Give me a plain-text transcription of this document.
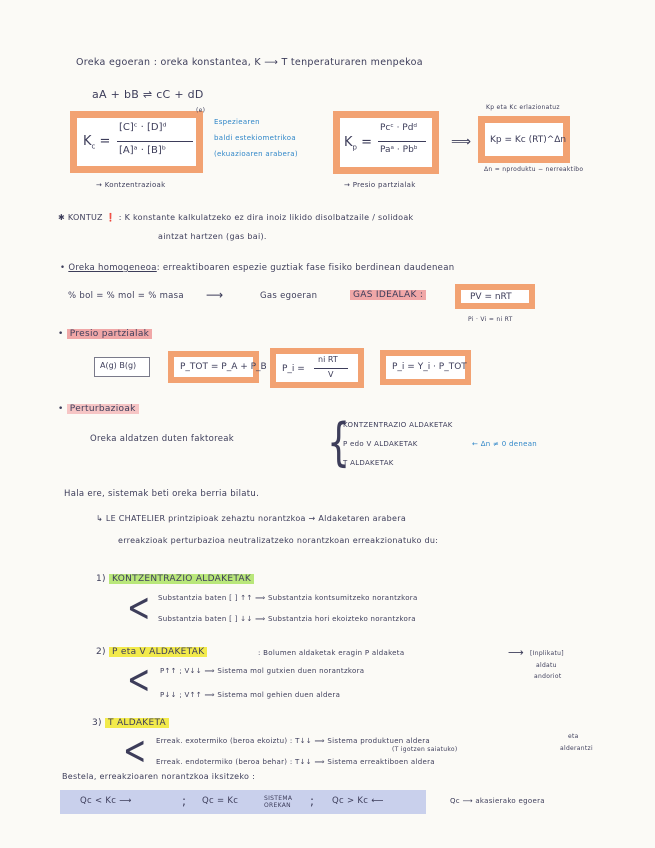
Oreka egoeran : oreka konstantea, K ⟶ T tenperaturaren menpekoa
aA + bB ⇌ cC + dD
$K_c$ =
[C]ᶜ · [D]ᵈ
[A]ᵃ · [B]ᵇ
(e)
Espeziearen
baldi estekiometrikoa
(ekuazioaren arabera)
→ Kontzentrazioak
$K_p$ =
Pcᶜ · Pdᵈ
Paᵃ · Pbᵇ
→ Presio partzialak
⟹
Kp eta Kc erlazionatuz
Kp = Kc (RT)^Δn
Δn = nproduktu − nerreaktibo
✱ KONTUZ ❗ : K konstante kalkulatzeko ez dira inoiz likido disolbatzaile / solidoak
aintzat hartzen (gas bai).
• Oreka homogeneoa: erreaktiboaren espezie guztiak fase fisiko berdinean daudenean
% bol = % mol = % masa ⟶	Gas egoeran	GAS IDEALAK :	PV = nRT
Pi · Vi = ni RT
• Presio partzialak
A(g) B(g)	P_TOT = P_A + P_B P_i =
ni RT
V
P_i = Y_i · P_TOT
• Perturbazioak
Oreka aldatzen duten faktoreak {
KONTZENTRAZIO ALDAKETAK
P edo V ALDAKETAK	← Δn ≠ 0 denean
T ALDAKETAK
Hala ere, sistemak beti oreka berria bilatu.
↳ LE CHATELIER printzipioak zehaztu norantzkoa → Aldaketaren arabera
erreakzioak perturbazioa neutralizatzeko norantzkoan erreakzionatuko du:
1) KONTZENTRAZIO ALDAKETAK
< Substantzia baten [ ] ↑↑ ⟹ Substantzia kontsumitzeko norantzkora
Substantzia baten [ ] ↓↓ ⟹ Substantzia hori ekoizteko norantzkora
2) P eta V ALDAKETAK	: Bolumen aldaketak eragin P aldaketa	⟶ [Inplikatu]
aldatu
andoriot
< P↑↑ ; V↓↓ ⟹ Sistema mol gutxien duen norantzkora
P↓↓ ; V↑↑ ⟹ Sistema mol gehien duen aldera
3) T ALDAKETA
< Erreak. exotermiko (beroa ekoiztu) : T↓↓ ⟹ Sistema produktuen aldera
(T igotzen saiatuko)
Erreak. endotermiko (beroa behar) : T↓↓ ⟹ Sistema erreaktiboen aldera
eta
alderantzi
Bestela, erreakzioaren norantzkoa iksitzeko :
Qc < Kc ⟶	; Qc = Kc	SISTEMA OREKAN	; Qc > Kc ⟵	Qc ⟶ akasierako egoera
